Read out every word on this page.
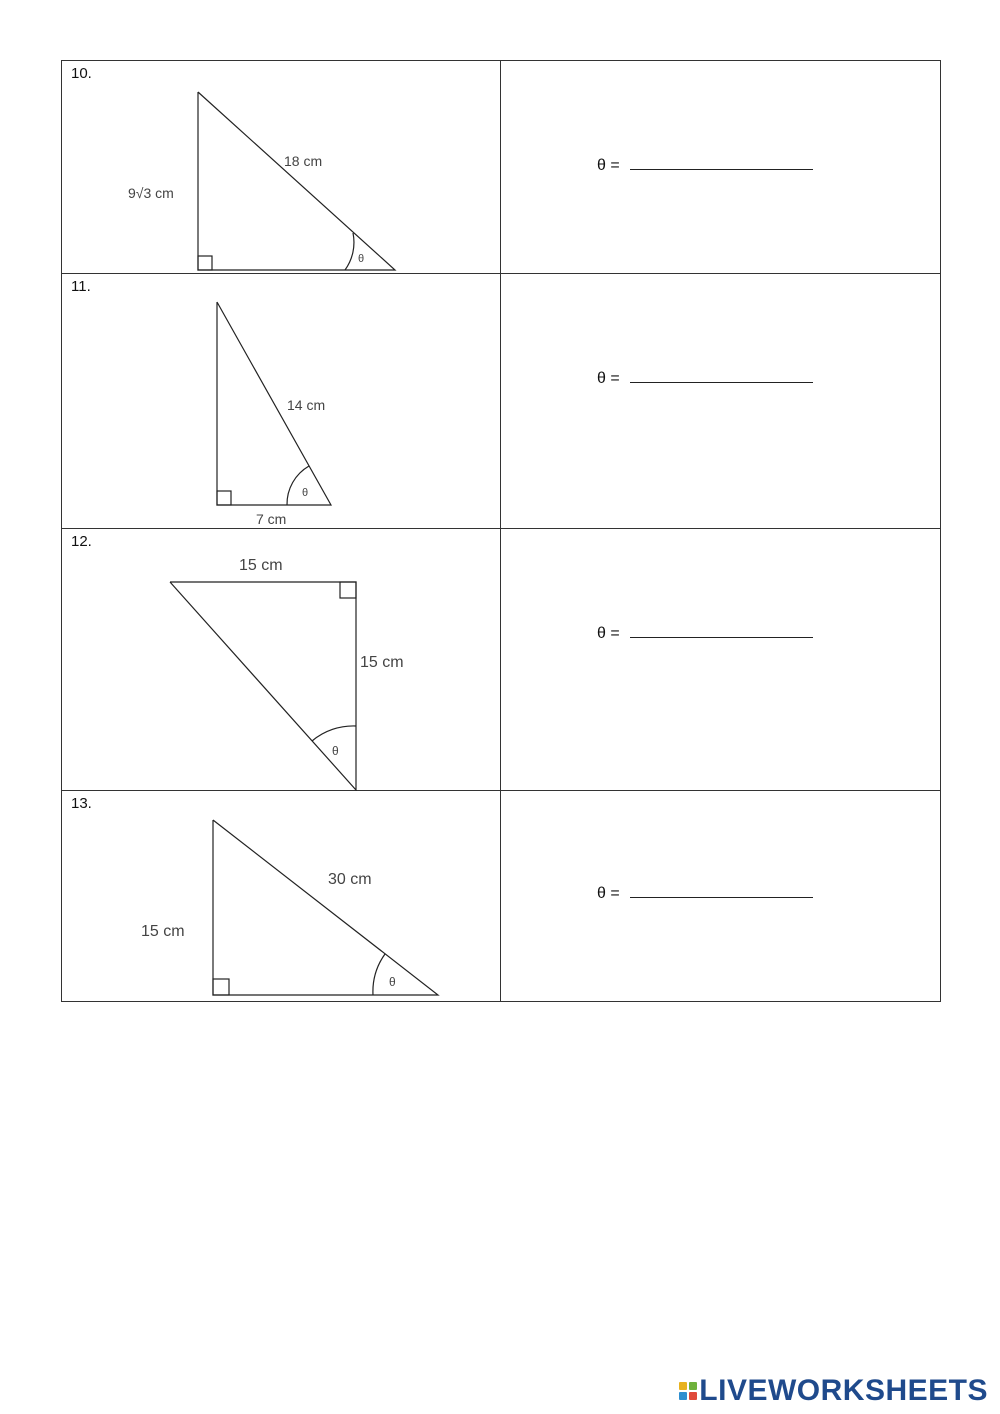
10.
9√3 cm
18 cm
θ	θ =

11.
14 cm
7 cm
θ	θ =

12.
15 cm
15 cm
θ	θ =

13.
30 cm
15 cm
θ	θ =
LIVEWORKSHEETS
